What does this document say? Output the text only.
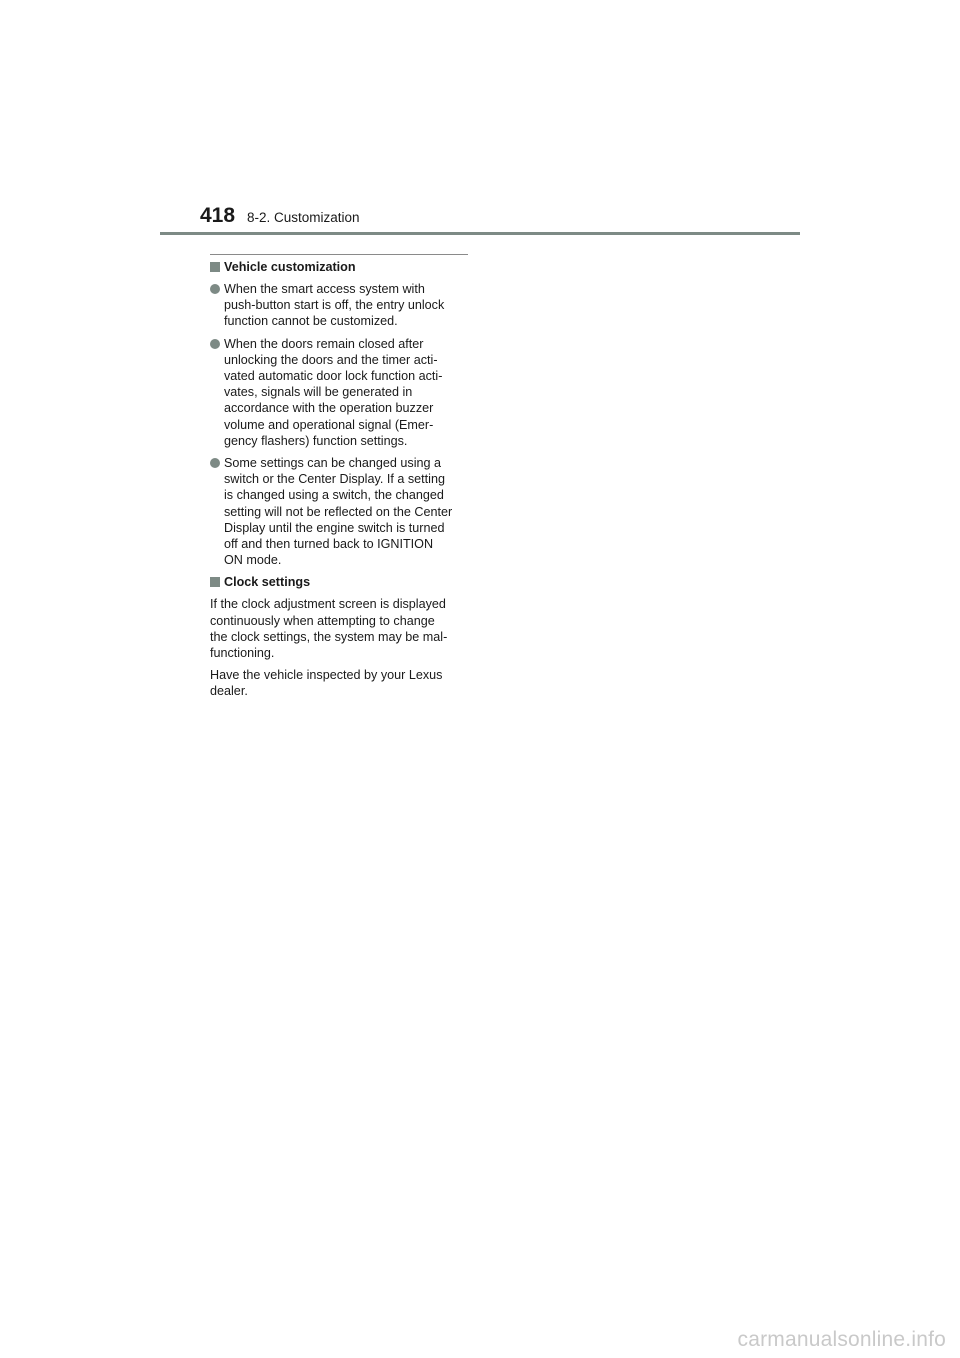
418 8-2. Customization
Vehicle customization
When the smart access system with
push-button start is off, the entry unlock
function cannot be customized.
When the doors remain closed after
unlocking the doors and the timer acti-
vated automatic door lock function acti-
vates, signals will be generated in
accordance with the operation buzzer
volume and operational signal (Emer-
gency flashers) function settings.
Some settings can be changed using a
switch or the Center Display. If a setting
is changed using a switch, the changed
setting will not be reflected on the Center
Display until the engine switch is turned
off and then turned back to IGNITION
ON mode.
Clock settings
If the clock adjustment screen is displayed
continuously when attempting to change
the clock settings, the system may be mal-
functioning.
Have the vehicle inspected by your Lexus
dealer.
carmanualsonline.info
